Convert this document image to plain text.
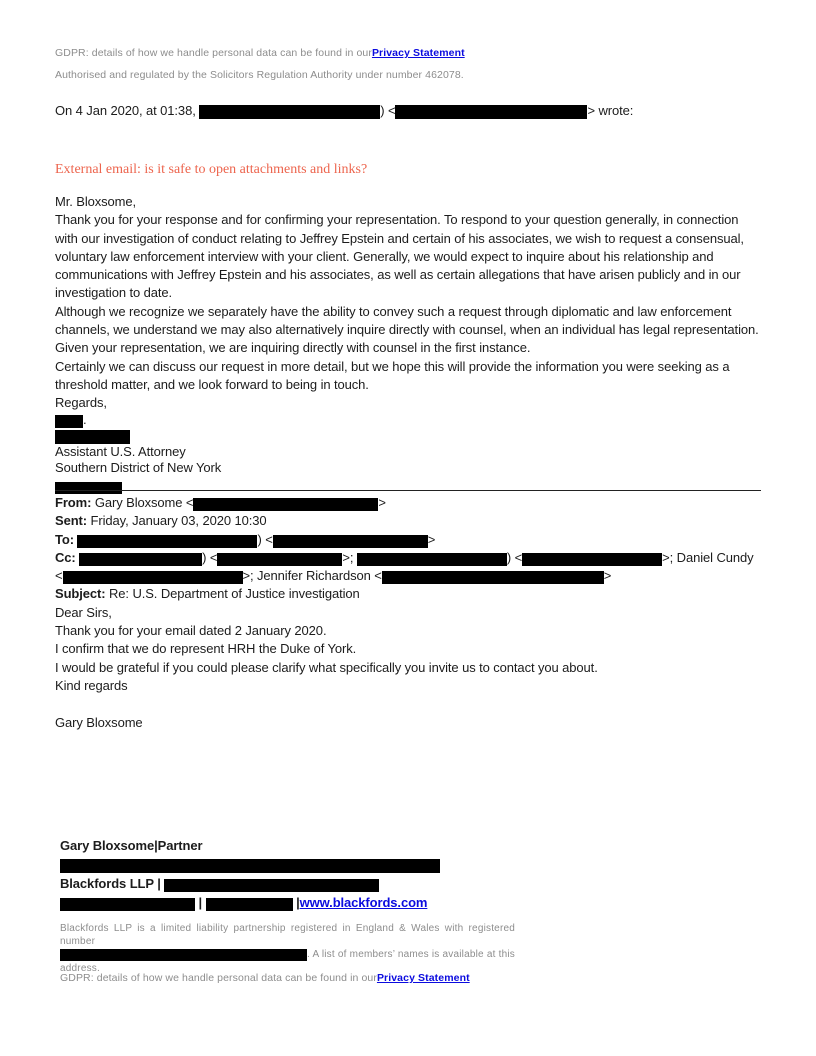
GDPR: details of how we handle personal data can be found in ourPrivacy Statement
Authorised and regulated by the Solicitors Regulation Authority under number 462078.
On 4 Jan 2020, at 01:38,	) <	> wrote:
External email: is it safe to open attachments and links?
Mr. Bloxsome,
Thank you for your response and for confirming your representation. To respond to your question generally, in connection with our investigation of conduct relating to Jeffrey Epstein and certain of his associates, we wish to request a consensual, voluntary law enforcement interview with your client. Generally, we would expect to inquire about his relationship and communications with Jeffrey Epstein and his associates, as well as certain allegations that have arisen publicly and in our investigation to date.
Although we recognize we separately have the ability to convey such a request through diplomatic and law enforcement channels, we understand we may also alternatively inquire directly with counsel, when an individual has legal representation. Given your representation, we are inquiring directly with counsel in the first instance.
Certainly we can discuss our request in more detail, but we hope this will provide the information you were seeking as a threshold matter, and we look forward to being in touch.
Regards,
.
Assistant U.S. Attorney
Southern District of New York
From: Gary Bloxsome <	>
Sent: Friday, January 03, 2020 10:30
To:	) <	>
Cc:	) <	>;	) <	>; Daniel Cundy
<	>; Jennifer Richardson <	>
Subject: Re: U.S. Department of Justice investigation
Dear Sirs,
Thank you for your email dated 2 January 2020.
I confirm that we do represent HRH the Duke of York.
I would be grateful if you could please clarify what specifically you invite us to contact you about.
Kind regards

Gary Bloxsome
Gary Bloxsome|Partner
Blackfords LLP |
|	|www.blackfords.com
Blackfords LLP is a limited liability partnership registered in England & Wales with registered number
. A list of members’ names is available at this
address.
GDPR: details of how we handle personal data can be found in ourPrivacy Statement
